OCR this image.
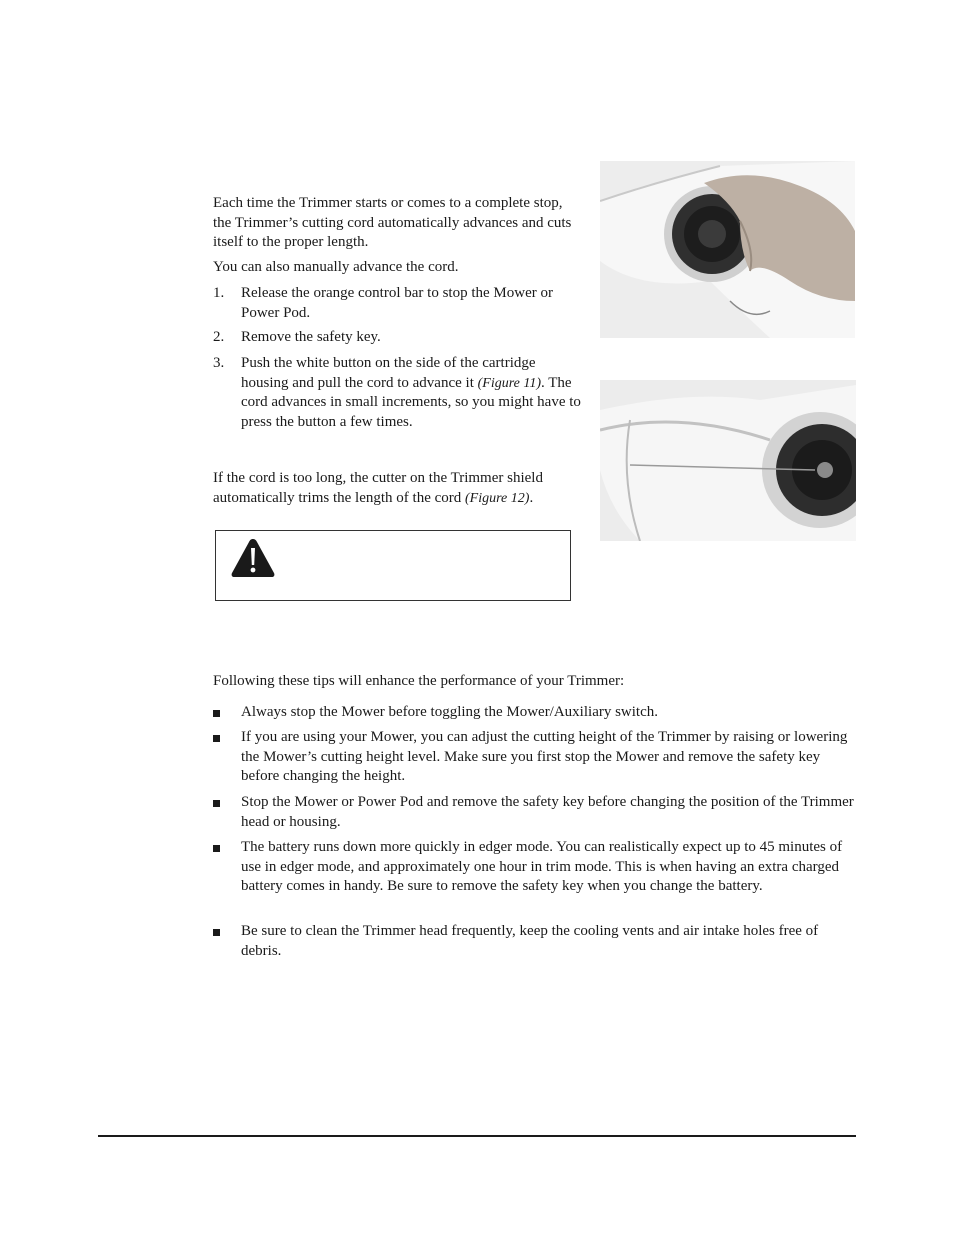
Each time the Trimmer starts or comes to a complete stop, the Trimmer’s cutting cord automatically advances and cuts itself to the proper length.

You can also manually advance the cord.

1. Release the orange control bar to stop the Mower or Power Pod.
2. Remove the safety key.
3. Push the white button on the side of the cartridge housing and pull the cord to advance it (Figure 11). The cord advances in small increments, so you might have to press the button a few times.

If the cord is too long, the cutter on the Trimmer shield automatically trims the length of the cord (Figure 12).

Following these tips will enhance the performance of your Trimmer:

Always stop the Mower before toggling the Mower/Auxiliary switch.
If you are using your Mower, you can adjust the cutting height of the Trimmer by raising or lowering the Mower’s cutting height level. Make sure you first stop the Mower and remove the safety key before changing the height.
Stop the Mower or Power Pod and remove the safety key before changing the position of the Trimmer head or housing.
The battery runs down more quickly in edger mode. You can realistically expect up to 45 minutes of use in edger mode, and approximately one hour in trim mode. This is when having an extra charged battery comes in handy. Be sure to remove the safety key when you change the battery.
Be sure to clean the Trimmer head frequently, keep the cooling vents and air intake holes free of debris.
